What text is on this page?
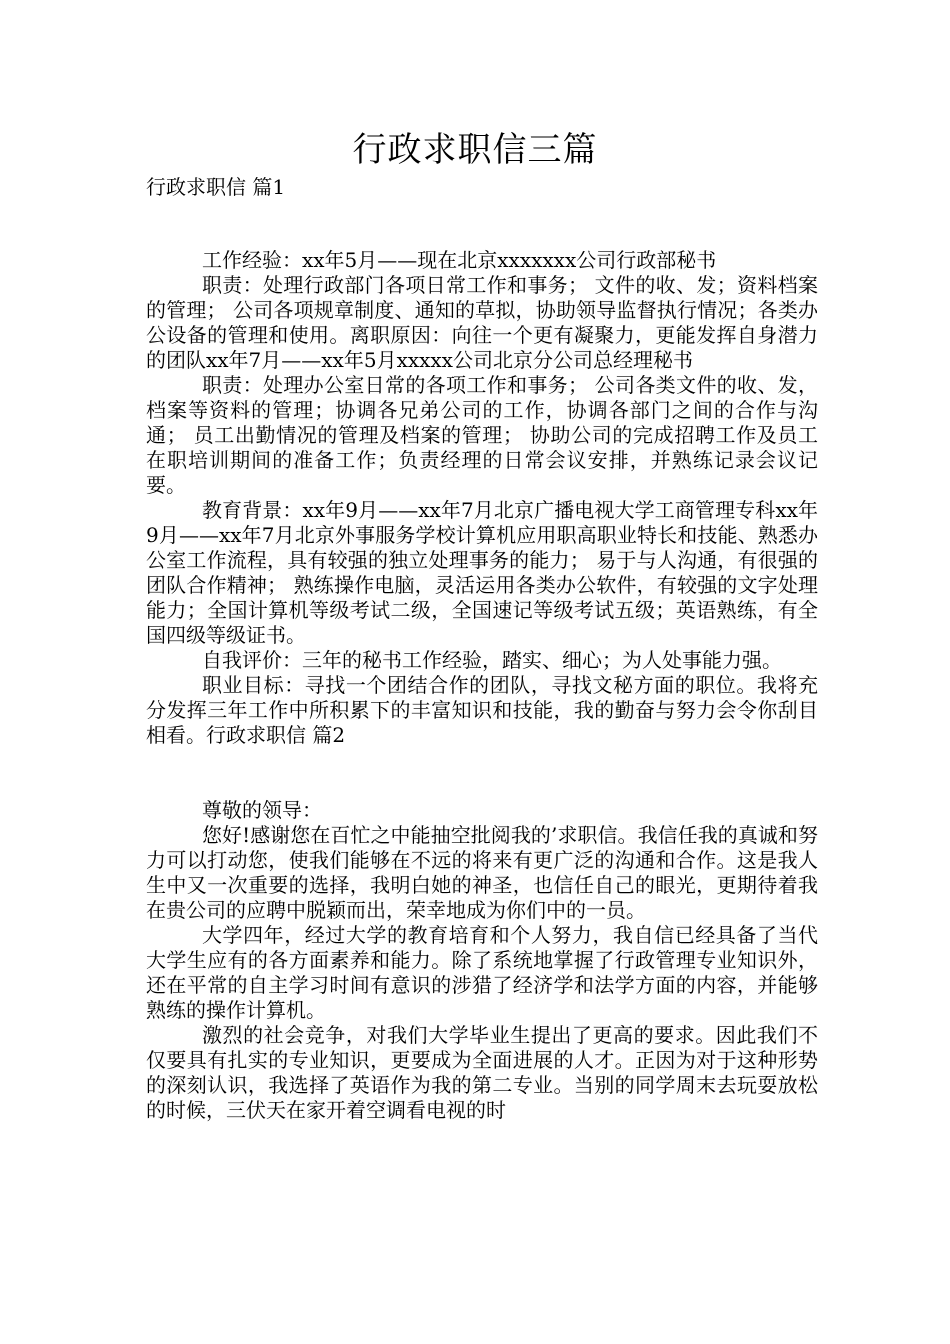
行政求职信三篇
行政求职信 篇1

工作经验：xx年5月——现在北京xxxxxxx公司行政部秘书

职责：处理行政部门各项日常工作和事务； 文件的收、发；资料档案的管理； 公司各项规章制度、通知的草拟，协助领导监督执行情况；各类办公设备的管理和使用。离职原因：向往一个更有凝聚力，更能发挥自身潜力的团队xx年7月——xx年5月xxxxx公司北京分公司总经理秘书

职责：处理办公室日常的各项工作和事务； 公司各类文件的收、发，档案等资料的管理；协调各兄弟公司的工作，协调各部门之间的合作与沟通； 员工出勤情况的管理及档案的管理； 协助公司的完成招聘工作及员工在职培训期间的准备工作；负责经理的日常会议安排，并熟练记录会议记要。

教育背景：xx年9月——xx年7月北京广播电视大学工商管理专科xx年9月——xx年7月北京外事服务学校计算机应用职高职业特长和技能、熟悉办公室工作流程，具有较强的独立处理事务的能力； 易于与人沟通，有很强的团队合作精神； 熟练操作电脑，灵活运用各类办公软件，有较强的文字处理能力；全国计算机等级考试二级，全国速记等级考试五级；英语熟练，有全国四级等级证书。

自我评价：三年的秘书工作经验，踏实、细心；为人处事能力强。

职业目标：寻找一个团结合作的团队，寻找文秘方面的职位。我将充分发挥三年工作中所积累下的丰富知识和技能，我的勤奋与努力会令你刮目相看。行政求职信 篇2

尊敬的领导：

您好!感谢您在百忙之中能抽空批阅我的’求职信。我信任我的真诚和努力可以打动您，使我们能够在不远的将来有更广泛的沟通和合作。这是我人生中又一次重要的选择，我明白她的神圣，也信任自己的眼光，更期待着我在贵公司的应聘中脱颖而出，荣幸地成为你们中的一员。

大学四年，经过大学的教育培育和个人努力，我自信已经具备了当代大学生应有的各方面素养和能力。除了系统地掌握了行政管理专业知识外，还在平常的自主学习时间有意识的涉猎了经济学和法学方面的内容，并能够熟练的操作计算机。

激烈的社会竞争，对我们大学毕业生提出了更高的要求。因此我们不仅要具有扎实的专业知识，更要成为全面进展的人才。正因为对于这种形势的深刻认识，我选择了英语作为我的第二专业。当别的同学周末去玩耍放松的时候，三伏天在家开着空调看电视的时
